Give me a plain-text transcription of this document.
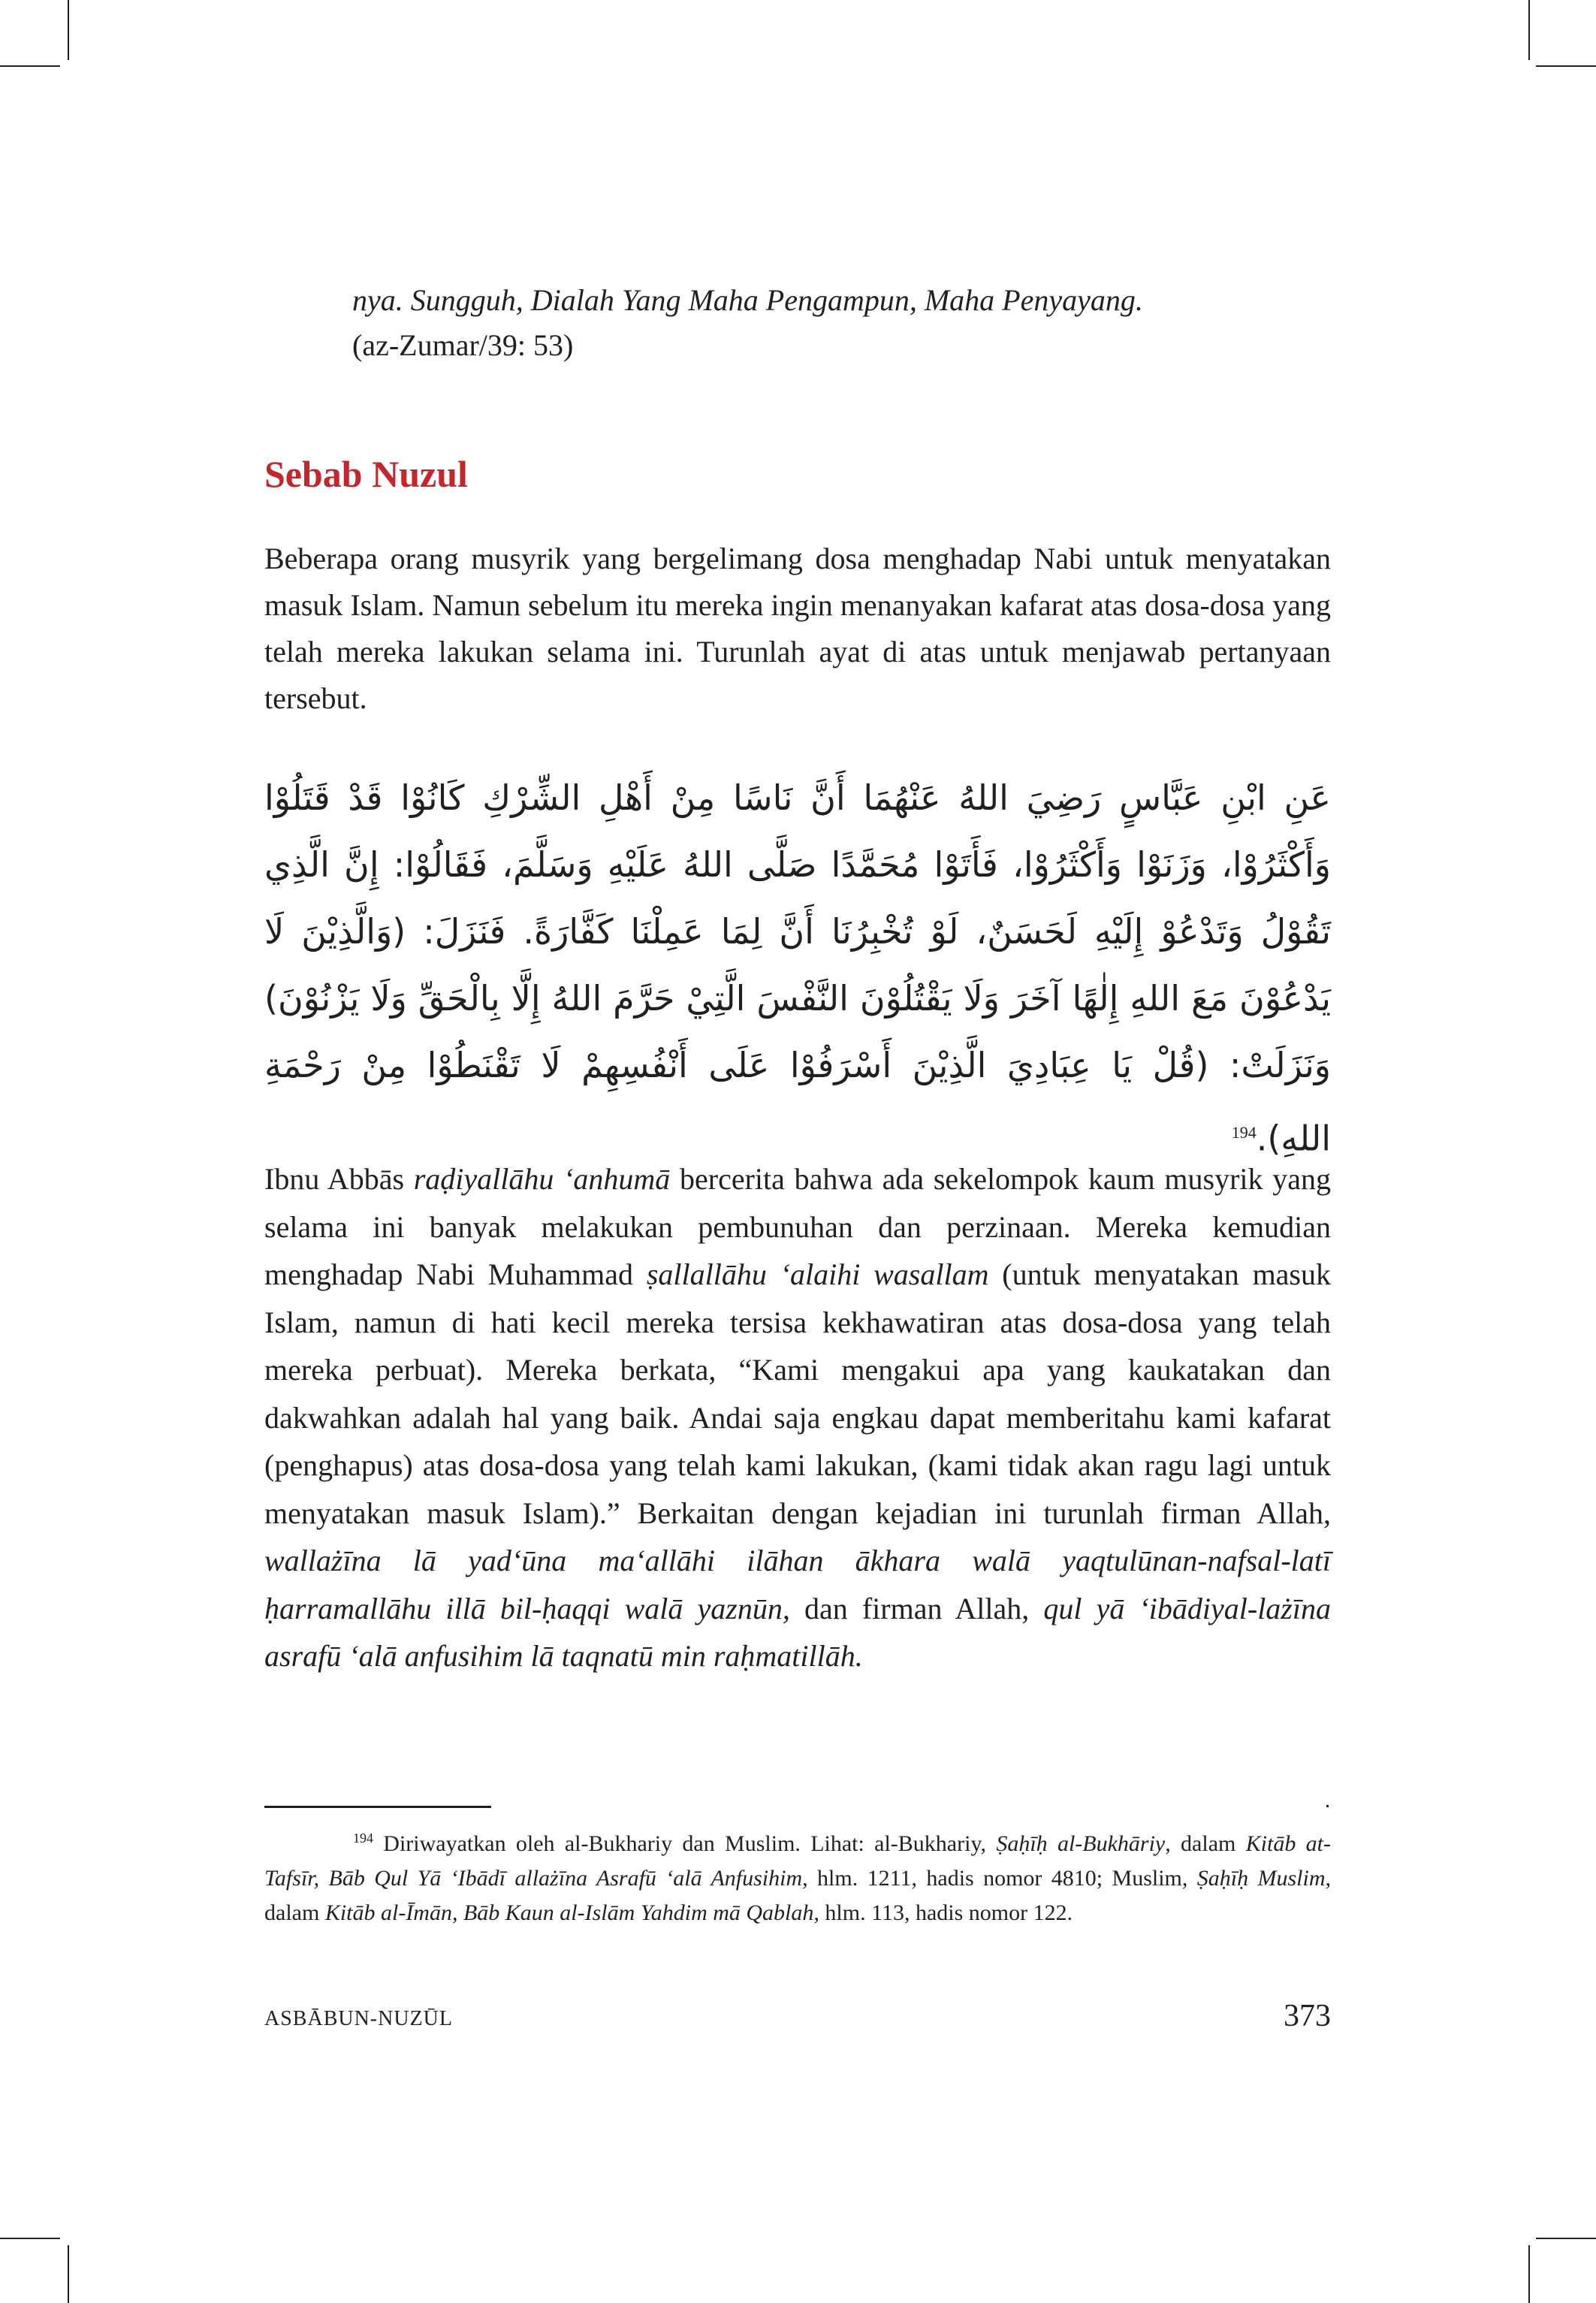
nya. Sungguh, Dialah Yang Maha Pengampun, Maha Penyayang.
(az-Zumar/39: 53)
Sebab Nuzul

Beberapa orang musyrik yang bergelimang dosa menghadap Nabi untuk menyatakan masuk Islam. Namun sebelum itu mereka ingin menanyakan kafarat atas dosa-dosa yang telah mereka lakukan selama ini. Turunlah ayat di atas untuk menjawab pertanyaan tersebut.

عَنِ ابْنِ عَبَّاسٍ رَضِيَ اللهُ عَنْهُمَا أَنَّ نَاسًا مِنْ أَهْلِ الشِّرْكِ كَانُوْا قَدْ قَتَلُوْا وَأَكْثَرُوْا، وَزَنَوْا وَأَكْثَرُوْا، فَأَتَوْا مُحَمَّدًا صَلَّى اللهُ عَلَيْهِ وَسَلَّمَ، فَقَالُوْا: إِنَّ الَّذِي تَقُوْلُ وَتَدْعُوْ إِلَيْهِ لَحَسَنٌ، لَوْ تُخْبِرُنَا أَنَّ لِمَا عَمِلْنَا كَفَّارَةً. فَنَزَلَ: (وَالَّذِيْنَ لَا يَدْعُوْنَ مَعَ اللهِ إِلٰهًا آخَرَ وَلَا يَقْتُلُوْنَ النَّفْسَ الَّتِيْ حَرَّمَ اللهُ إِلَّا بِالْحَقِّ وَلَا يَزْنُوْنَ) وَنَزَلَتْ: (قُلْ يَا عِبَادِيَ الَّذِيْنَ أَسْرَفُوْا عَلَى أَنْفُسِهِمْ لَا تَقْنَطُوْا مِنْ رَحْمَةِ اللهِ).$^{194}$

Ibnu Abbās raḍiyallāhu ‘anhumā bercerita bahwa ada sekelompok kaum musyrik yang selama ini banyak melakukan pembunuhan dan perzinaan. Mereka kemudian menghadap Nabi Muhammad ṣallallāhu ‘alaihi wasallam (untuk menyatakan masuk Islam, namun di hati kecil mereka tersisa kekhawatiran atas dosa-dosa yang telah mereka perbuat). Mereka berkata, “Kami mengakui apa yang kaukatakan dan dakwahkan adalah hal yang baik. Andai saja engkau dapat memberitahu kami kafarat (penghapus) atas dosa-dosa yang telah kami lakukan, (kami tidak akan ragu lagi untuk menyatakan masuk Islam).” Berkaitan dengan kejadian ini turunlah firman Allah, wallażīna lā yad‘ūna ma‘allāhi ilāhan ākhara walā yaqtulūnan-nafsal-latī ḥarramallāhu illā bil-ḥaqqi walā yaznūn, dan firman Allah, qul yā ‘ibādiyal-lażīna asrafū ‘alā anfusihim lā taqnatū min raḥmatillāh.

$^{194}$ Diriwayatkan oleh al-Bukhariy dan Muslim. Lihat: al-Bukhariy, Ṣaḥīḥ al-Bukhāriy, dalam Kitāb at-Tafsīr, Bāb Qul Yā ‘Ibādī allażīna Asrafū ‘alā Anfusihim, hlm. 1211, hadis nomor 4810; Muslim, Ṣaḥīḥ Muslim, dalam Kitāb al-Īmān, Bāb Kaun al-Islām Yahdim mā Qablah, hlm. 113, hadis nomor 122.

ASBĀBUN-NUZŪL	373
